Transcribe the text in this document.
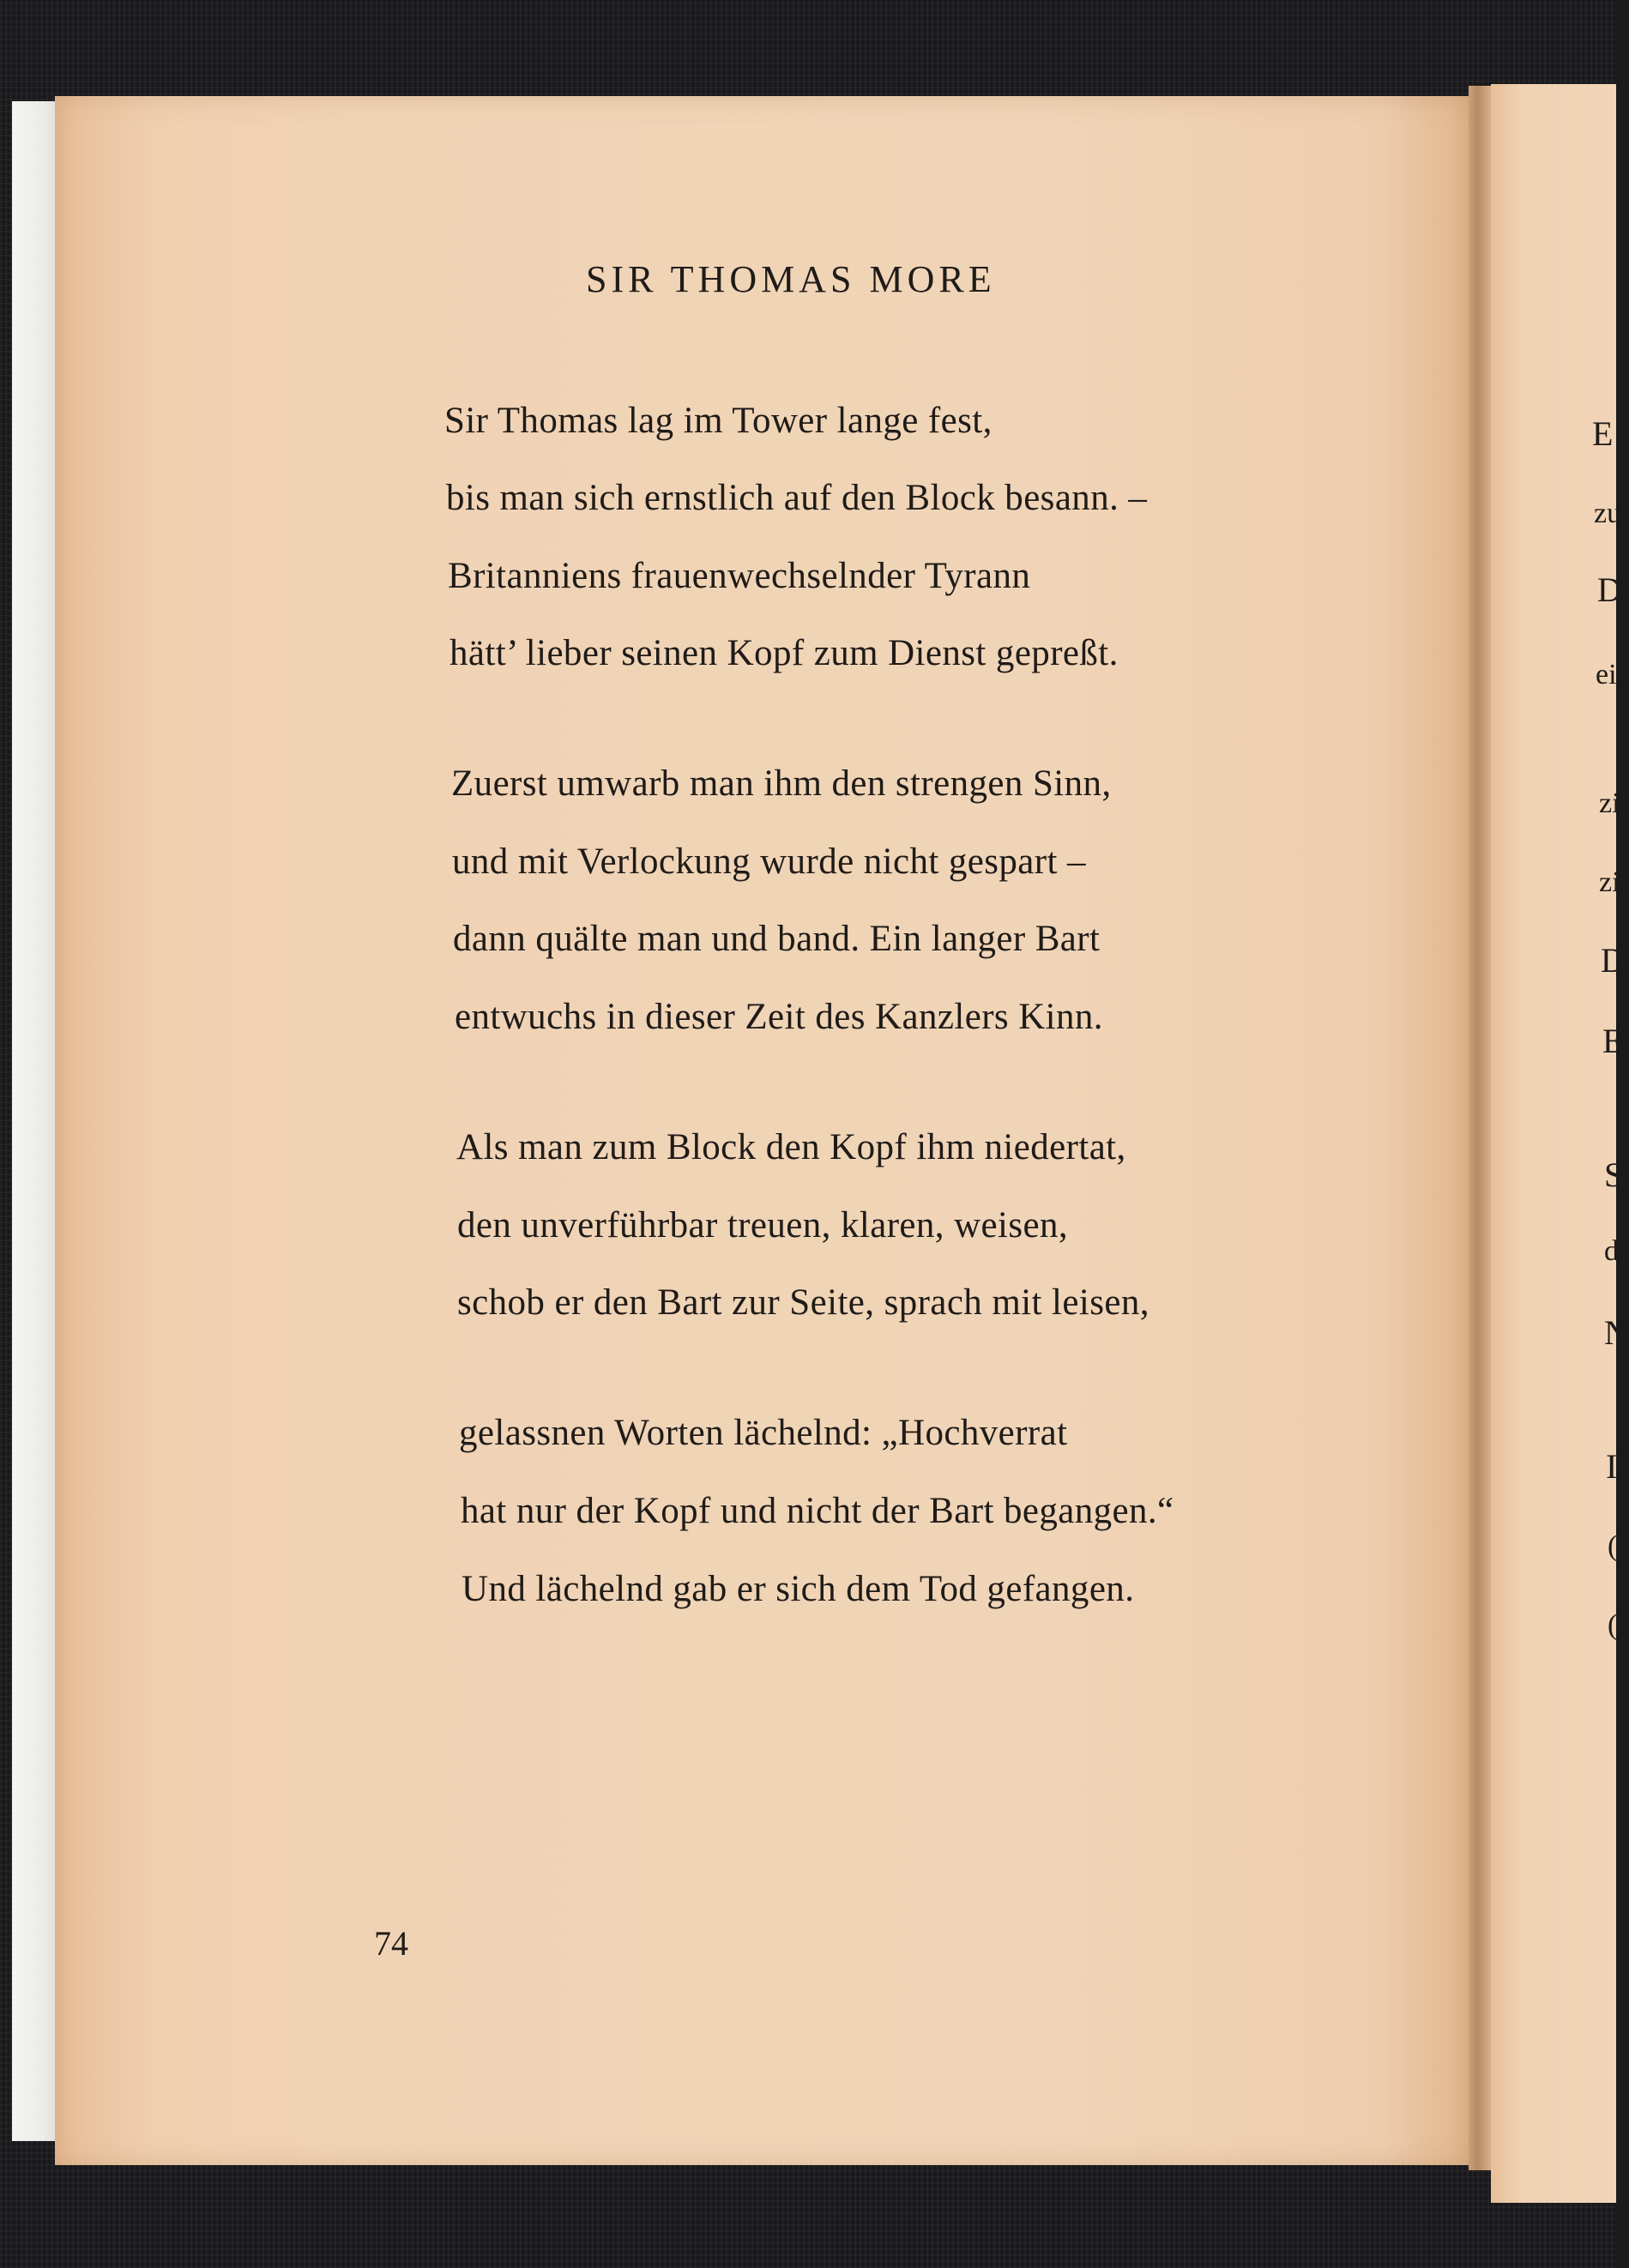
SIR THOMAS MORE
Sir Thomas lag im Tower lange fest,
bis man sich ernstlich auf den Block besann. –
Britanniens frauenwechselnder Tyrann
hätt’ lieber seinen Kopf zum Dienst gepreßt.
Zuerst umwarb man ihm den strengen Sinn,
und mit Verlockung wurde nicht gespart –
dann quälte man und band. Ein langer Bart
entwuchs in dieser Zeit des Kanzlers Kinn.
Als man zum Block den Kopf ihm niedertat,
den unverführbar treuen, klaren, weisen,
schob er den Bart zur Seite, sprach mit leisen,
gelassnen Worten lächelnd: „Hochverrat
hat nur der Kopf und nicht der Bart begangen.“
Und lächelnd gab er sich dem Tod gefangen.
74
E
zu
D
ei
zi
zi
D
E
S
d
N
I
(
(
